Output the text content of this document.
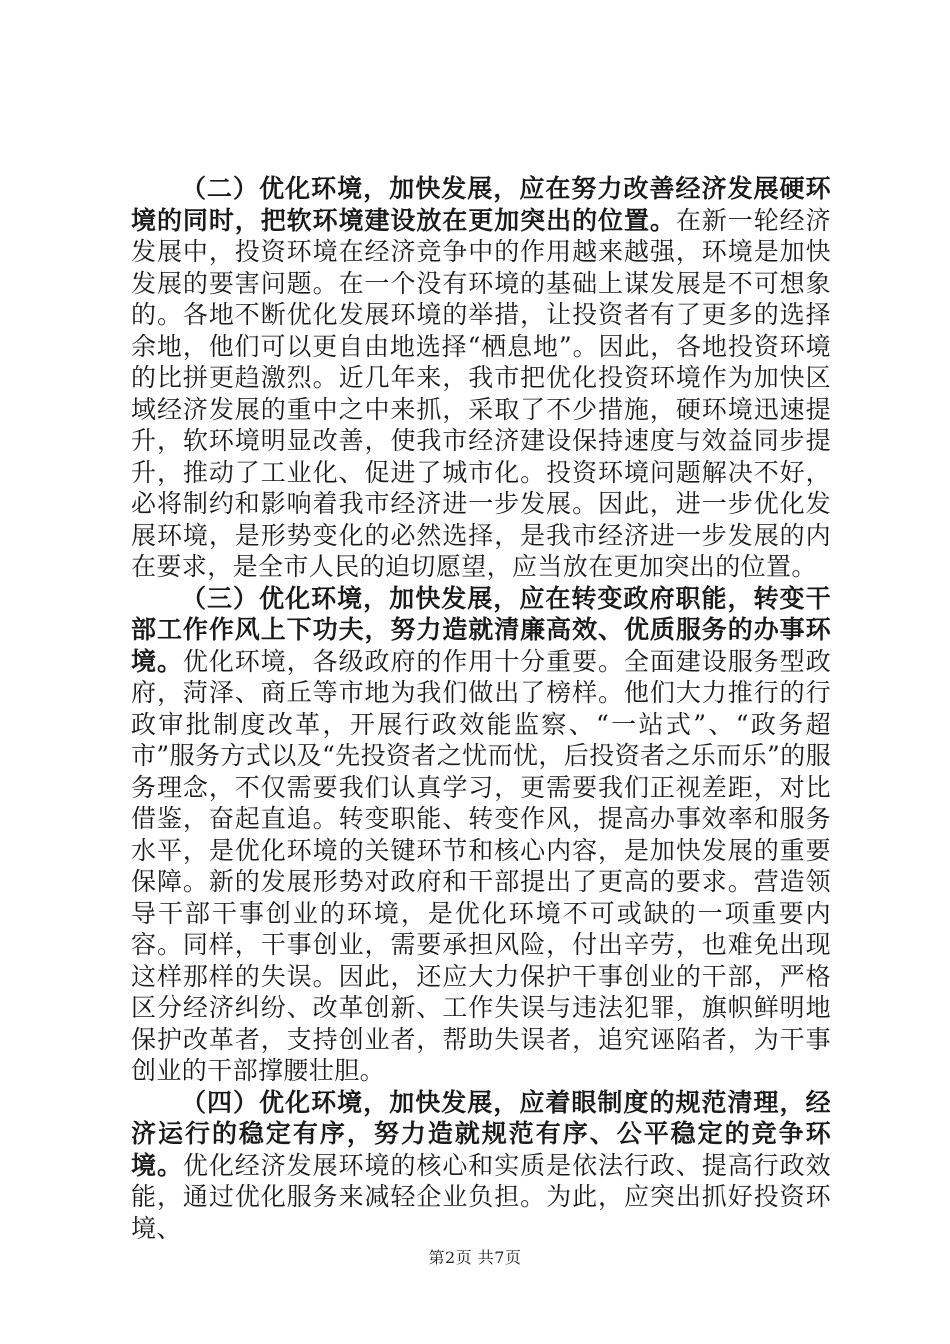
（二）优化环境，加快发展，应在努力改善经济发展硬环境的同时，把软环境建设放在更加突出的位置。在新一轮经济发展中，投资环境在经济竞争中的作用越来越强，环境是加快发展的要害问题。在一个没有环境的基础上谋发展是不可想象的。各地不断优化发展环境的举措，让投资者有了更多的选择余地，他们可以更自由地选择“栖息地”。因此，各地投资环境的比拼更趋激烈。近几年来，我市把优化投资环境作为加快区域经济发展的重中之中来抓，采取了不少措施，硬环境迅速提升，软环境明显改善，使我市经济建设保持速度与效益同步提升，推动了工业化、促进了城市化。投资环境问题解决不好，必将制约和影响着我市经济进一步发展。因此，进一步优化发展环境，是形势变化的必然选择，是我市经济进一步发展的内在要求，是全市人民的迫切愿望，应当放在更加突出的位置。

（三）优化环境，加快发展，应在转变政府职能，转变干部工作作风上下功夫，努力造就清廉高效、优质服务的办事环境。优化环境，各级政府的作用十分重要。全面建设服务型政府，菏泽、商丘等市地为我们做出了榜样。他们大力推行的行政审批制度改革，开展行政效能监察、“一站式”、“政务超市”服务方式以及“先投资者之忧而忧，后投资者之乐而乐”的服务理念，不仅需要我们认真学习，更需要我们正视差距，对比借鉴，奋起直追。转变职能、转变作风，提高办事效率和服务水平，是优化环境的关键环节和核心内容，是加快发展的重要保障。新的发展形势对政府和干部提出了更高的要求。营造领导干部干事创业的环境，是优化环境不可或缺的一项重要内容。同样，干事创业，需要承担风险，付出辛劳，也难免出现这样那样的失误。因此，还应大力保护干事创业的干部，严格区分经济纠纷、改革创新、工作失误与违法犯罪，旗帜鲜明地保护改革者，支持创业者，帮助失误者，追究诬陷者，为干事创业的干部撑腰壮胆。

（四）优化环境，加快发展，应着眼制度的规范清理，经济运行的稳定有序，努力造就规范有序、公平稳定的竞争环境。优化经济发展环境的核心和实质是依法行政、提高行政效能，通过优化服务来减轻企业负担。为此，应突出抓好投资环境、

第2页 共7页
